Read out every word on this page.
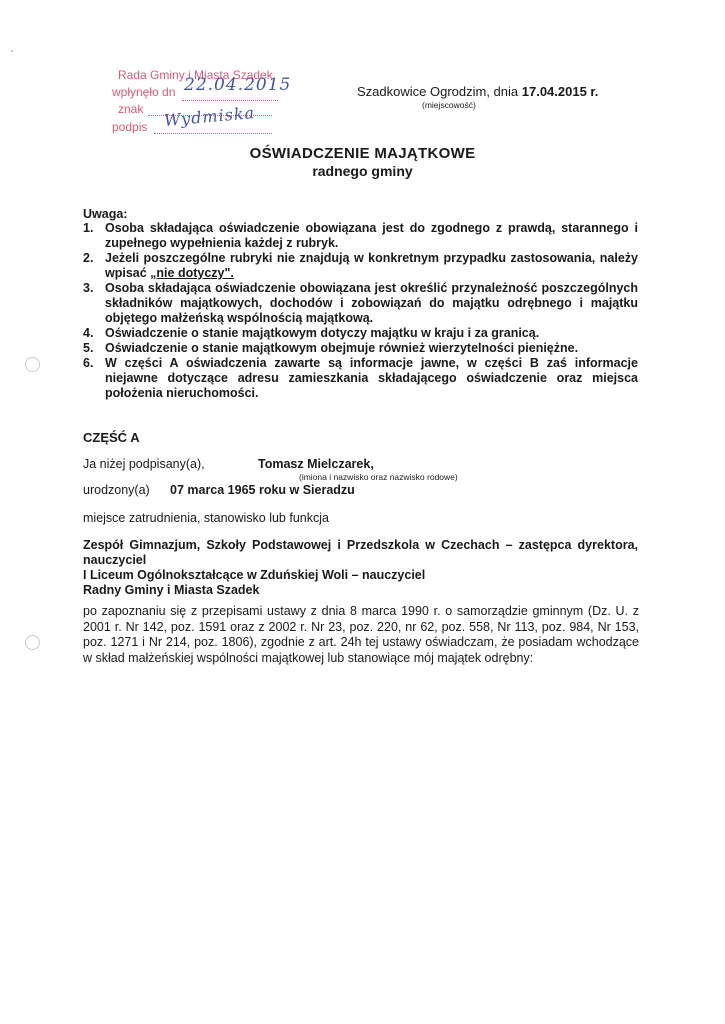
Rada Gminy i Miasta Szadek
wpłynęło dn 22.04.2015
znak
podpis Wydmiska
Szadkowice Ogrodzim, dnia 17.04.2015 r.
(miejscowość)
OŚWIADCZENIE MAJĄTKOWE
radnego gminy
Uwaga:
1. Osoba składająca oświadczenie obowiązana jest do zgodnego z prawdą, starannego i zupełnego wypełnienia każdej z rubryk.
2. Jeżeli poszczególne rubryki nie znajdują w konkretnym przypadku zastosowania, należy wpisać „nie dotyczy".
3. Osoba składająca oświadczenie obowiązana jest określić przynależność poszczególnych składników majątkowych, dochodów i zobowiązań do majątku odrębnego i majątku objętego małżeńską wspólnością majątkową.
4. Oświadczenie o stanie majątkowym dotyczy majątku w kraju i za granicą.
5. Oświadczenie o stanie majątkowym obejmuje również wierzytelności pieniężne.
6. W części A oświadczenia zawarte są informacje jawne, w części B zaś informacje niejawne dotyczące adresu zamieszkania składającego oświadczenie oraz miejsca położenia nieruchomości.
CZĘŚĆ A
Ja niżej podpisany(a),	Tomasz Mielczarek,
(imiona i nazwisko oraz nazwisko rodowe)
urodzony(a) 07 marca 1965 roku w Sieradzu
miejsce zatrudnienia, stanowisko lub funkcja
Zespół Gimnazjum, Szkoły Podstawowej i Przedszkola w Czechach – zastępca dyrektora, nauczyciel
I Liceum Ogólnokształcące w Zduńskiej Woli – nauczyciel
Radny Gminy i Miasta Szadek
po zapoznaniu się z przepisami ustawy z dnia 8 marca 1990 r. o samorządzie gminnym (Dz. U. z 2001 r. Nr 142, poz. 1591 oraz z 2002 r. Nr 23, poz. 220, nr 62, poz. 558, Nr 113, poz. 984, Nr 153, poz. 1271 i Nr 214, poz. 1806), zgodnie z art. 24h tej ustawy oświadczam, że posiadam wchodzące w skład małżeńskiej wspólności majątkowej lub stanowiące mój majątek odrębny:
